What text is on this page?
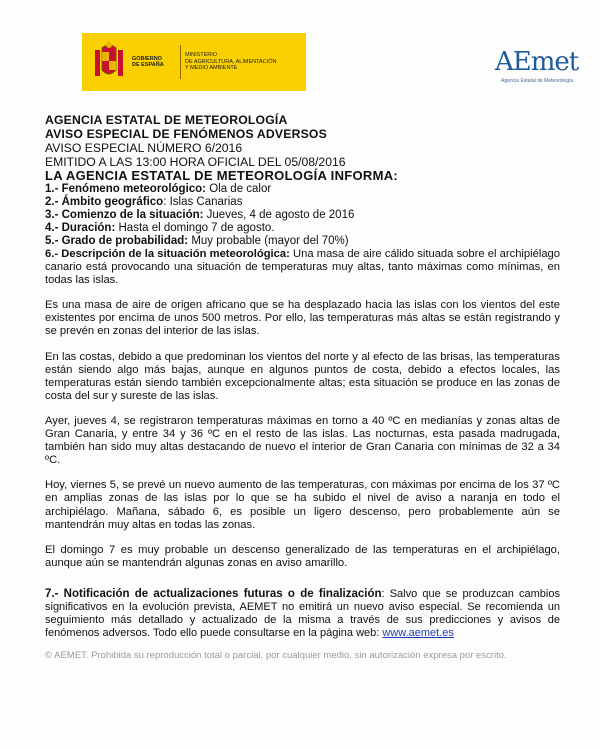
GOBIERNO
DE ESPAÑA
MINISTERIO
DE AGRICULTURA, ALIMENTACIÓN
Y MEDIO AMBIENTE	AEmet
Agencia Estatal de Meteorología
AGENCIA ESTATAL DE METEOROLOGÍA
AVISO ESPECIAL DE FENÓMENOS ADVERSOS
AVISO ESPECIAL NÚMERO 6/2016
EMITIDO A LAS 13:00 HORA OFICIAL DEL 05/08/2016
LA AGENCIA ESTATAL DE METEOROLOGÍA INFORMA:
1.- Fenómeno meteorológico: Ola de calor
2.- Ámbito geográfico: Islas Canarias
3.- Comienzo de la situación: Jueves, 4 de agosto de 2016
4.- Duración: Hasta el domingo 7 de agosto.
5.- Grado de probabilidad: Muy probable (mayor del 70%)

6.- Descripción de la situación meteorológica: Una masa de aire cálido situada sobre el archipiélago canario está provocando una situación de temperaturas muy altas, tanto máximas como mínimas, en todas las islas.

Es una masa de aire de origen africano que se ha desplazado hacia las islas con los vientos del este existentes por encima de unos 500 metros. Por ello, las temperaturas más altas se están registrando y se prevén en zonas del interior de las islas.

En las costas, debido a que predominan los vientos del norte y al efecto de las brisas, las temperaturas están siendo algo más bajas, aunque en algunos puntos de costa, debido a efectos locales, las temperaturas están siendo también excepcionalmente altas; esta situación se produce en las zonas de costa del sur y sureste de las islas.

Ayer, jueves 4, se registraron temperaturas máximas en torno a 40 ºC en medianías y zonas altas de Gran Canaria, y entre 34 y 36 ºC en el resto de las islas. Las nocturnas, esta pasada madrugada, también han sido muy altas destacando de nuevo el interior de Gran Canaria con mínimas de 32 a 34 ºC.

Hoy, viernes 5, se prevé un nuevo aumento de las temperaturas, con máximas por encima de los 37 ºC en amplias zonas de las islas por lo que se ha subido el nivel de aviso a naranja en todo el archipiélago. Mañana, sábado 6, es posible un ligero descenso, pero probablemente aún se mantendrán muy altas en todas las zonas.

El domingo 7 es muy probable un descenso generalizado de las temperaturas en el archipiélago, aunque aún se mantendrán algunas zonas en aviso amarillo.

7.- Notificación de actualizaciones futuras o de finalización: Salvo que se produzcan cambios significativos en la evolución prevista, AEMET no emitirá un nuevo aviso especial. Se recomienda un seguimiento más detallado y actualizado de la misma a través de sus predicciones y avisos de fenómenos adversos. Todo ello puede consultarse en la página web: www.aemet.es
© AEMET. Prohibida su reproducción total o parcial, por cualquier medio, sin autorización expresa por escrito.
